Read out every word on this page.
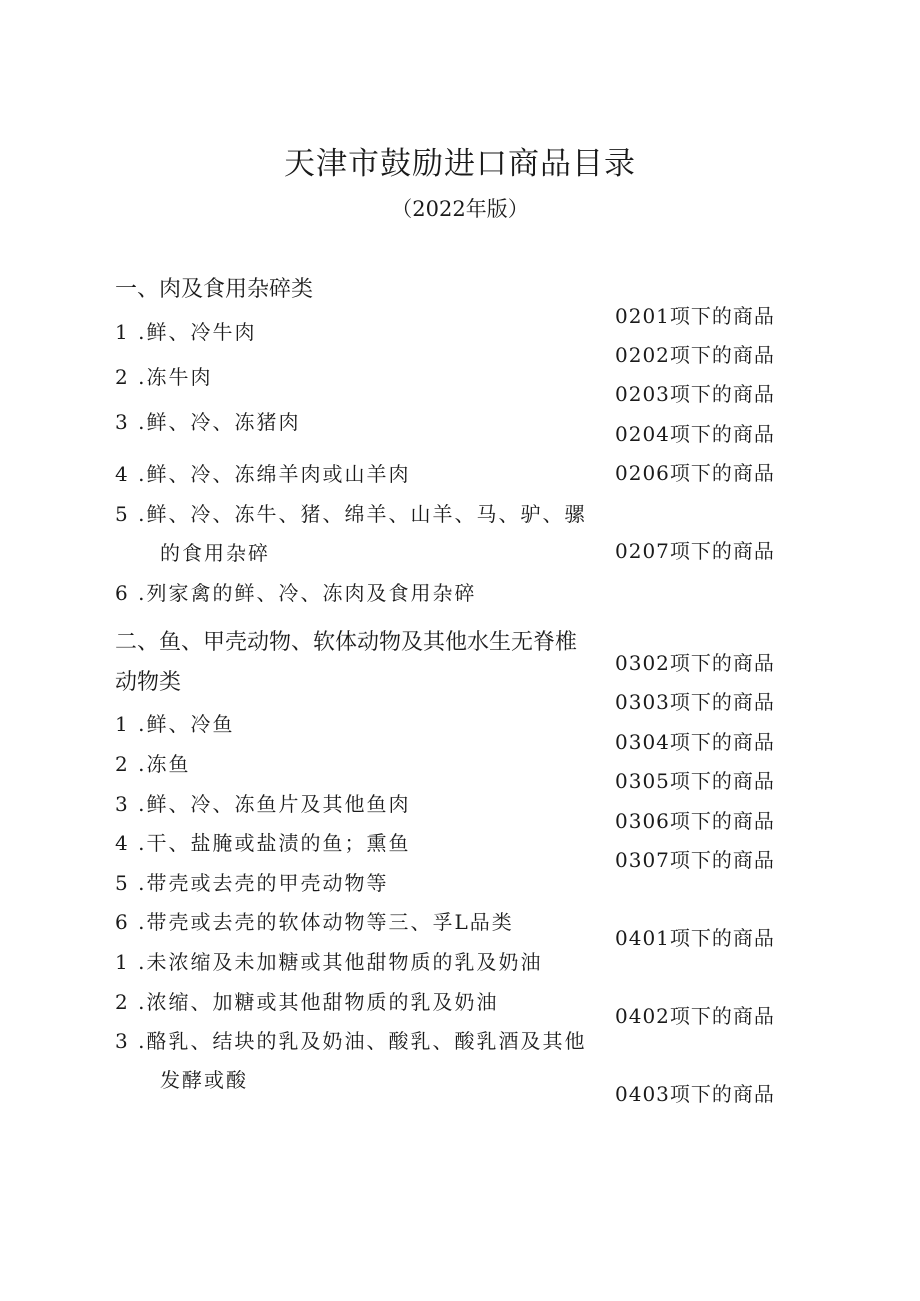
天津市鼓励进口商品目录
（2022年版）
一、肉及食用杂碎类
1 .鲜、冷牛肉
2 .冻牛肉
3 .鲜、冷、冻猪肉
4 .鲜、冷、冻绵羊肉或山羊肉
5 .鲜、冷、冻牛、猪、绵羊、山羊、马、驴、骡
的食用杂碎
6 .列家禽的鲜、冷、冻肉及食用杂碎
0201项下的商品
0202项下的商品
0203项下的商品
0204项下的商品
0206项下的商品
0207项下的商品
二、鱼、甲壳动物、软体动物及其他水生无脊椎
动物类
1 .鲜、冷鱼
2 .冻鱼
3 .鲜、冷、冻鱼片及其他鱼肉
4 .干、盐腌或盐渍的鱼；熏鱼
5 .带壳或去壳的甲壳动物等
6 .带壳或去壳的软体动物等三、孚L品类
0302项下的商品
0303项下的商品
0304项下的商品
0305项下的商品
0306项下的商品
0307项下的商品
1 .未浓缩及未加糖或其他甜物质的乳及奶油
2 .浓缩、加糖或其他甜物质的乳及奶油
3 .酪乳、结块的乳及奶油、酸乳、酸乳酒及其他
发酵或酸
0401项下的商品
0402项下的商品
0403项下的商品
